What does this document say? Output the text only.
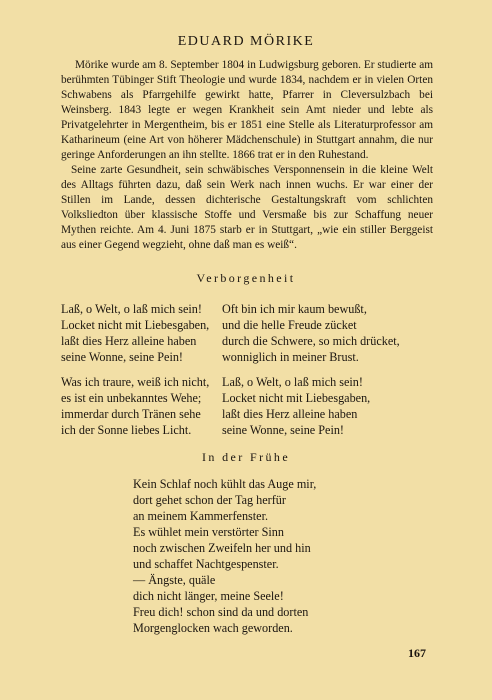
EDUARD MÖRIKE

Mörike wurde am 8. September 1804 in Ludwigsburg geboren. Er studierte am berühmten Tübinger Stift Theologie und wurde 1834, nachdem er in vielen Orten Schwabens als Pfarrgehilfe gewirkt hatte, Pfarrer in Cleversulzbach bei Weinsberg. 1843 legte er wegen Krankheit sein Amt nieder und lebte als Privatgelehrter in Mergentheim, bis er 1851 eine Stelle als Literaturprofessor am Katharineum (eine Art von höherer Mädchenschule) in Stuttgart annahm, die nur geringe Anforderungen an ihn stellte. 1866 trat er in den Ruhestand.

Seine zarte Gesundheit, sein schwäbisches Versponnensein in die kleine Welt des Alltags führten dazu, daß sein Werk nach innen wuchs. Er war einer der Stillen im Lande, dessen dichterische Gestaltungskraft vom schlichten Volksliedton über klassische Stoffe und Versmaße bis zur Schaffung neuer Mythen reichte. Am 4. Juni 1875 starb er in Stuttgart, „wie ein stiller Berggeist aus einer Gegend wegzieht, ohne daß man es weiß“.

Verborgenheit
Laß, o Welt, o laß mich sein!
Locket nicht mit Liebesgaben,
laßt dies Herz alleine haben
seine Wonne, seine Pein!
Was ich traure, weiß ich nicht,
es ist ein unbekanntes Wehe;
immerdar durch Tränen sehe
ich der Sonne liebes Licht.
Oft bin ich mir kaum bewußt,
und die helle Freude zücket
durch die Schwere, so mich drücket,
wonniglich in meiner Brust.
Laß, o Welt, o laß mich sein!
Locket nicht mit Liebesgaben,
laßt dies Herz alleine haben
seine Wonne, seine Pein!
In der Frühe
Kein Schlaf noch kühlt das Auge mir,
dort gehet schon der Tag herfür
an meinem Kammerfenster.
Es wühlet mein verstörter Sinn
noch zwischen Zweifeln her und hin
und schaffet Nachtgespenster.
— Ängste, quäle
dich nicht länger, meine Seele!
Freu dich! schon sind da und dorten
Morgenglocken wach geworden.
167
